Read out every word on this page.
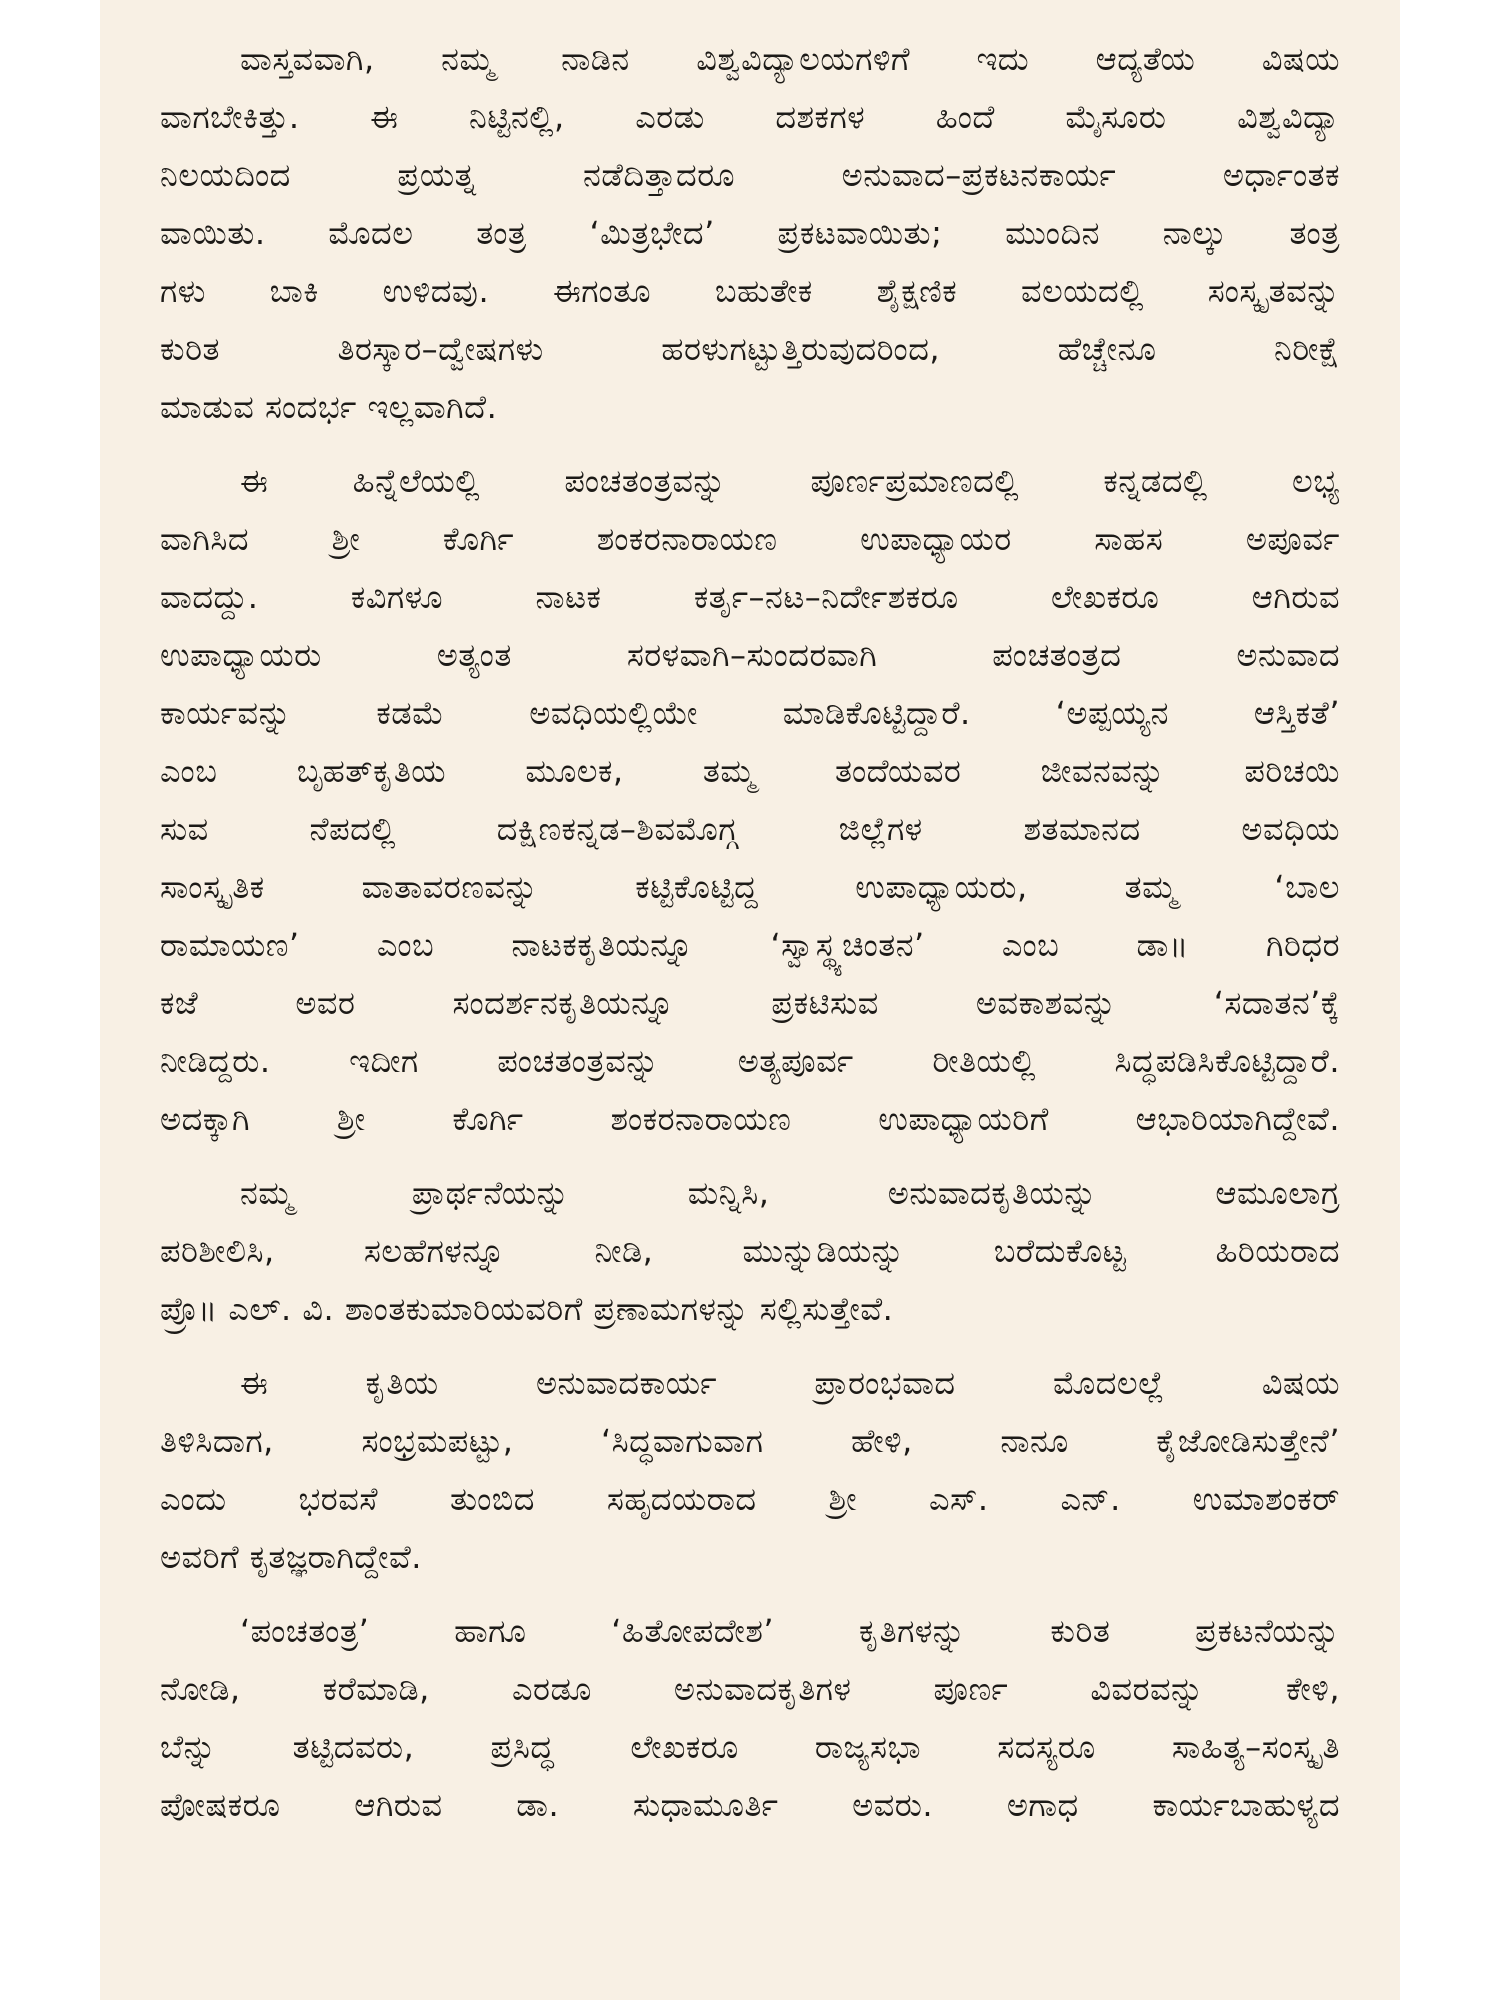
ವಾಸ್ತವವಾಗಿ, ನಮ್ಮ ನಾಡಿನ ವಿಶ್ವವಿದ್ಯಾಲಯಗಳಿಗೆ ಇದು ಆದ್ಯತೆಯ ವಿಷಯ
ವಾಗಬೇಕಿತ್ತು. ಈ ನಿಟ್ಟಿನಲ್ಲಿ, ಎರಡು ದಶಕಗಳ ಹಿಂದೆ ಮೈಸೂರು ವಿಶ್ವವಿದ್ಯಾ
ನಿಲಯದಿಂದ ಪ್ರಯತ್ನ ನಡೆದಿತ್ತಾದರೂ ಅನುವಾದ–ಪ್ರಕಟನಕಾರ್ಯ ಅರ್ಧಾಂತಕ
ವಾಯಿತು. ಮೊದಲ ತಂತ್ರ ‘ಮಿತ್ರಭೇದ’ ಪ್ರಕಟವಾಯಿತು; ಮುಂದಿನ ನಾಲ್ಕು ತಂತ್ರ
ಗಳು ಬಾಕಿ ಉಳಿದವು. ಈಗಂತೂ ಬಹುತೇಕ ಶೈಕ್ಷಣಿಕ ವಲಯದಲ್ಲಿ ಸಂಸ್ಕೃತವನ್ನು
ಕುರಿತ ತಿರಸ್ಕಾರ–ದ್ವೇಷಗಳು ಹರಳುಗಟ್ಟುತ್ತಿರುವುದರಿಂದ, ಹೆಚ್ಚೇನೂ ನಿರೀಕ್ಷೆ
ಮಾಡುವ ಸಂದರ್ಭ ಇಲ್ಲವಾಗಿದೆ.
ಈ ಹಿನ್ನೆಲೆಯಲ್ಲಿ ಪಂಚತಂತ್ರವನ್ನು ಪೂರ್ಣಪ್ರಮಾಣದಲ್ಲಿ ಕನ್ನಡದಲ್ಲಿ ಲಭ್ಯ
ವಾಗಿಸಿದ ಶ್ರೀ ಕೊರ್ಗಿ ಶಂಕರನಾರಾಯಣ ಉಪಾಧ್ಯಾಯರ ಸಾಹಸ ಅಪೂರ್ವ
ವಾದದ್ದು. ಕವಿಗಳೂ ನಾಟಕ ಕರ್ತೃ–ನಟ–ನಿರ್ದೇಶಕರೂ ಲೇಖಕರೂ ಆಗಿರುವ
ಉಪಾಧ್ಯಾಯರು ಅತ್ಯಂತ ಸರಳವಾಗಿ–ಸುಂದರವಾಗಿ ಪಂಚತಂತ್ರದ ಅನುವಾದ
ಕಾರ್ಯವನ್ನು ಕಡಮೆ ಅವಧಿಯಲ್ಲಿಯೇ ಮಾಡಿಕೊಟ್ಟಿದ್ದಾರೆ. ‘ಅಪ್ಪಯ್ಯನ ಆಸ್ತಿಕತೆ’
ಎಂಬ ಬೃಹತ್‌ಕೃತಿಯ ಮೂಲಕ, ತಮ್ಮ ತಂದೆಯವರ ಜೀವನವನ್ನು ಪರಿಚಯಿ
ಸುವ ನೆಪದಲ್ಲಿ ದಕ್ಷಿಣಕನ್ನಡ–ಶಿವಮೊಗ್ಗ ಜಿಲ್ಲೆಗಳ ಶತಮಾನದ ಅವಧಿಯ
ಸಾಂಸ್ಕೃತಿಕ ವಾತಾವರಣವನ್ನು ಕಟ್ಟಿಕೊಟ್ಟಿದ್ದ ಉಪಾಧ್ಯಾಯರು, ತಮ್ಮ ‘ಬಾಲ
ರಾಮಾಯಣ’ ಎಂಬ ನಾಟಕಕೃತಿಯನ್ನೂ ‘ಸ್ವಾಸ್ಥ್ಯಚಿಂತನ’ ಎಂಬ ಡಾ॥ ಗಿರಿಧರ
ಕಜೆ ಅವರ ಸಂದರ್ಶನಕೃತಿಯನ್ನೂ ಪ್ರಕಟಿಸುವ ಅವಕಾಶವನ್ನು ‘ಸದಾತನ’ಕ್ಕೆ
ನೀಡಿದ್ದರು. ಇದೀಗ ಪಂಚತಂತ್ರವನ್ನು ಅತ್ಯಪೂರ್ವ ರೀತಿಯಲ್ಲಿ ಸಿದ್ಧಪಡಿಸಿಕೊಟ್ಟಿದ್ದಾರೆ.
ಅದಕ್ಕಾಗಿ ಶ್ರೀ ಕೊರ್ಗಿ ಶಂಕರನಾರಾಯಣ ಉಪಾಧ್ಯಾಯರಿಗೆ ಆಭಾರಿಯಾಗಿದ್ದೇವೆ.
ನಮ್ಮ ಪ್ರಾರ್ಥನೆಯನ್ನು ಮನ್ನಿಸಿ, ಅನುವಾದಕೃತಿಯನ್ನು ಆಮೂಲಾಗ್ರ
ಪರಿಶೀಲಿಸಿ, ಸಲಹೆಗಳನ್ನೂ ನೀಡಿ, ಮುನ್ನುಡಿಯನ್ನು ಬರೆದುಕೊಟ್ಟ ಹಿರಿಯರಾದ
ಪ್ರೊ॥ ಎಲ್. ವಿ. ಶಾಂತಕುಮಾರಿಯವರಿಗೆ ಪ್ರಣಾಮಗಳನ್ನು ಸಲ್ಲಿಸುತ್ತೇವೆ.
ಈ ಕೃತಿಯ ಅನುವಾದಕಾರ್ಯ ಪ್ರಾರಂಭವಾದ ಮೊದಲಲ್ಲೆ ವಿಷಯ
ತಿಳಿಸಿದಾಗ, ಸಂಭ್ರಮಪಟ್ಟು, ‘ಸಿದ್ಧವಾಗುವಾಗ ಹೇಳಿ, ನಾನೂ ಕೈಜೋಡಿಸುತ್ತೇನೆ’
ಎಂದು ಭರವಸೆ ತುಂಬಿದ ಸಹೃದಯರಾದ ಶ್ರೀ ಎಸ್. ಎನ್. ಉಮಾಶಂಕರ್
ಅವರಿಗೆ ಕೃತಜ್ಞರಾಗಿದ್ದೇವೆ.
‘ಪಂಚತಂತ್ರ’ ಹಾಗೂ ‘ಹಿತೋಪದೇಶ’ ಕೃತಿಗಳನ್ನು ಕುರಿತ ಪ್ರಕಟನೆಯನ್ನು
ನೋಡಿ, ಕರೆಮಾಡಿ, ಎರಡೂ ಅನುವಾದಕೃತಿಗಳ ಪೂರ್ಣ ವಿವರವನ್ನು ಕೇಳಿ,
ಬೆನ್ನು ತಟ್ಟಿದವರು, ಪ್ರಸಿದ್ಧ ಲೇಖಕರೂ ರಾಜ್ಯಸಭಾ ಸದಸ್ಯರೂ ಸಾಹಿತ್ಯ–ಸಂಸ್ಕೃತಿ
ಪೋಷಕರೂ ಆಗಿರುವ ಡಾ. ಸುಧಾಮೂರ್ತಿ ಅವರು. ಅಗಾಧ ಕಾರ್ಯಬಾಹುಳ್ಯದ
